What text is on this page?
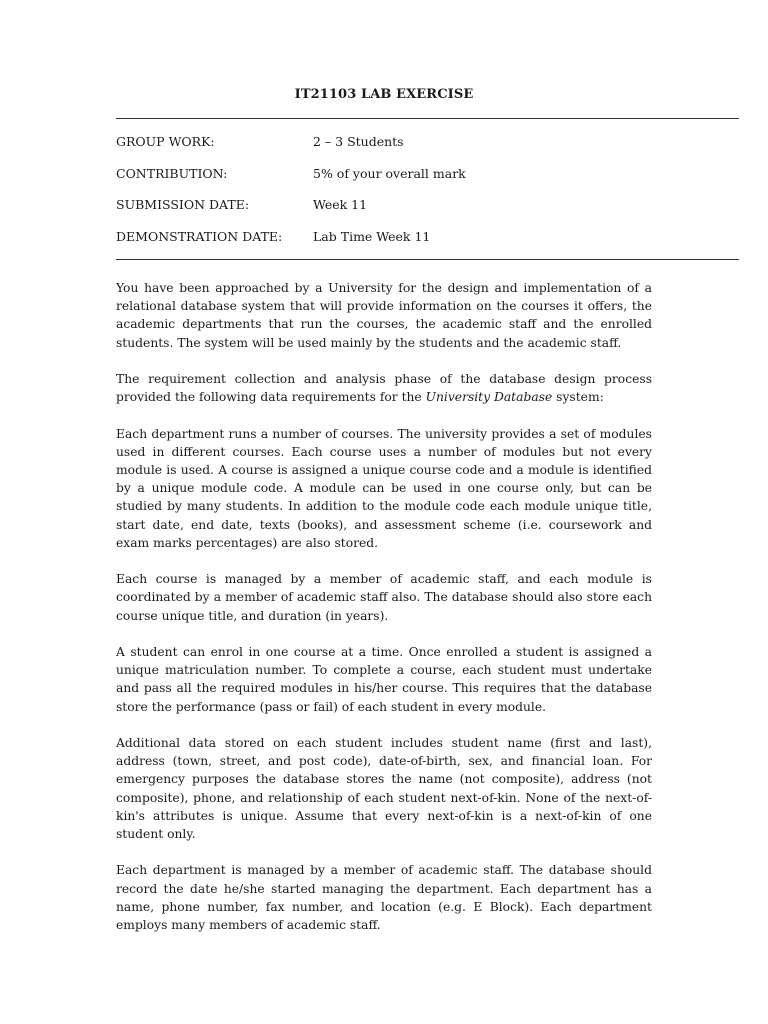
IT21103 LAB EXERCISE
GROUP WORK:	2 – 3 Students
CONTRIBUTION:	5% of your overall mark
SUBMISSION DATE:	Week 11
DEMONSTRATION DATE:	Lab Time Week 11

You have been approached by a University for the design and implementation of a relational database system that will provide information on the courses it offers, the academic departments that run the courses, the academic staff and the enrolled students. The system will be used mainly by the students and the academic staff.

The requirement collection and analysis phase of the database design process provided the following data requirements for the University Database system:

Each department runs a number of courses. The university provides a set of modules used in different courses. Each course uses a number of modules but not every module is used. A course is assigned a unique course code and a module is identified by a unique module code. A module can be used in one course only, but can be studied by many students. In addition to the module code each module unique title, start date, end date, texts (books), and assessment scheme (i.e. coursework and exam marks percentages) are also stored.

Each course is managed by a member of academic staff, and each module is coordinated by a member of academic staff also. The database should also store each course unique title, and duration (in years).

A student can enrol in one course at a time. Once enrolled a student is assigned a unique matriculation number. To complete a course, each student must undertake and pass all the required modules in his/her course. This requires that the database store the performance (pass or fail) of each student in every module.

Additional data stored on each student includes student name (first and last), address (town, street, and post code), date-of-birth, sex, and financial loan. For emergency purposes the database stores the name (not composite), address (not composite), phone, and relationship of each student next-of-kin. None of the next-of-kin's attributes is unique. Assume that every next-of-kin is a next-of-kin of one student only.

Each department is managed by a member of academic staff. The database should record the date he/she started managing the department. Each department has a name, phone number, fax number, and location (e.g. E Block). Each department employs many members of academic staff.
